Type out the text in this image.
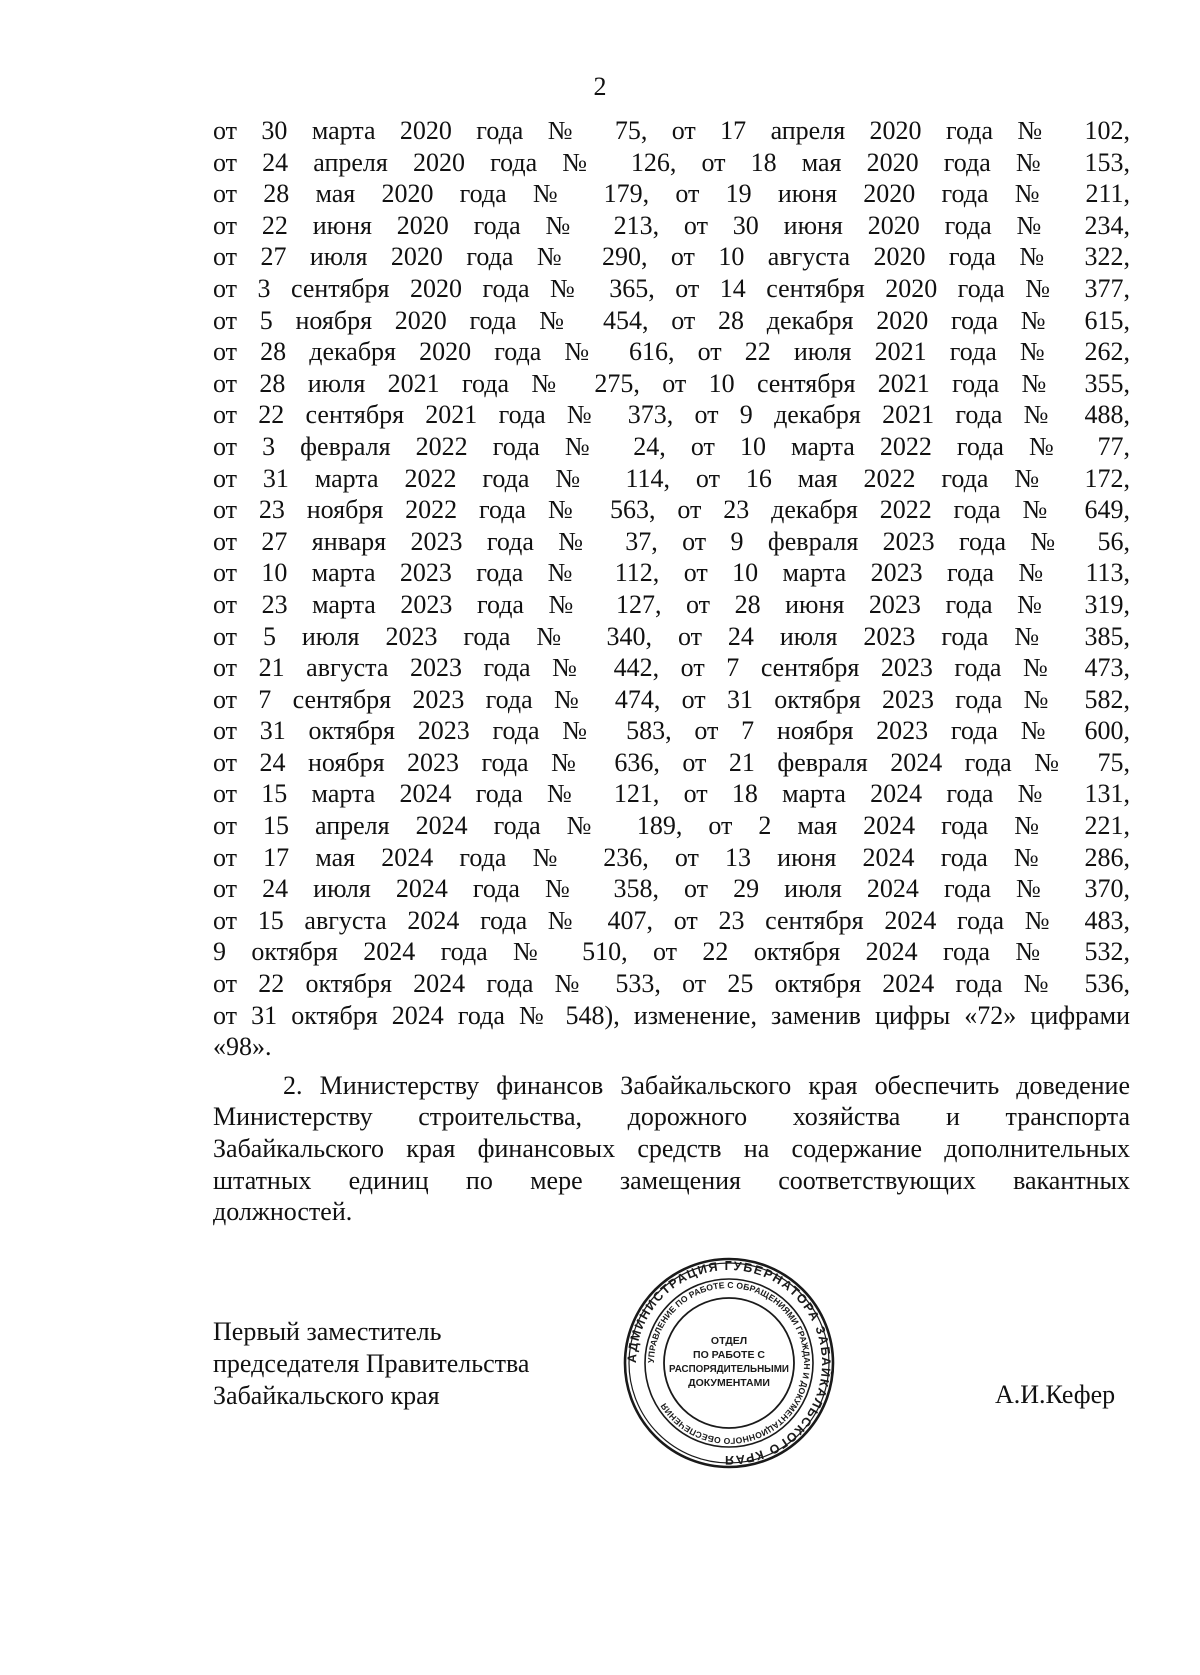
2
от 30 марта 2020 года № 75, от 17 апреля 2020 года № 102,
от 24 апреля 2020 года № 126, от 18 мая 2020 года № 153,
от 28 мая 2020 года № 179, от 19 июня 2020 года № 211,
от 22 июня 2020 года № 213, от 30 июня 2020 года № 234,
от 27 июля 2020 года № 290, от 10 августа 2020 года № 322,
от 3 сентября 2020 года № 365, от 14 сентября 2020 года № 377,
от 5 ноября 2020 года № 454, от 28 декабря 2020 года № 615,
от 28 декабря 2020 года № 616, от 22 июля 2021 года № 262,
от 28 июля 2021 года № 275, от 10 сентября 2021 года № 355,
от 22 сентября 2021 года № 373, от 9 декабря 2021 года № 488,
от 3 февраля 2022 года № 24, от 10 марта 2022 года № 77,
от 31 марта 2022 года № 114, от 16 мая 2022 года № 172,
от 23 ноября 2022 года № 563, от 23 декабря 2022 года № 649,
от 27 января 2023 года № 37, от 9 февраля 2023 года № 56,
от 10 марта 2023 года № 112, от 10 марта 2023 года № 113,
от 23 марта 2023 года № 127, от 28 июня 2023 года № 319,
от 5 июля 2023 года № 340, от 24 июля 2023 года № 385,
от 21 августа 2023 года № 442, от 7 сентября 2023 года № 473,
от 7 сентября 2023 года № 474, от 31 октября 2023 года № 582,
от 31 октября 2023 года № 583, от 7 ноября 2023 года № 600,
от 24 ноября 2023 года № 636, от 21 февраля 2024 года № 75,
от 15 марта 2024 года № 121, от 18 марта 2024 года № 131,
от 15 апреля 2024 года № 189, от 2 мая 2024 года № 221,
от 17 мая 2024 года № 236, от 13 июня 2024 года № 286,
от 24 июля 2024 года № 358, от 29 июля 2024 года № 370,
от 15 августа 2024 года № 407, от 23 сентября 2024 года № 483,
9 октября 2024 года № 510, от 22 октября 2024 года № 532,
от 22 октября 2024 года № 533, от 25 октября 2024 года № 536,
от 31 октября 2024 года № 548), изменение, заменив цифры «72» цифрами
«98».
2. Министерству финансов Забайкальского края обеспечить доведение
Министерству строительства, дорожного хозяйства и транспорта
Забайкальского края финансовых средств на содержание дополнительных
штатных единиц по мере замещения соответствующих вакантных
должностей.
Первый заместитель
председателя Правительства
Забайкальского края
АДМИНИСТРАЦИЯ ГУБЕРНАТОРА ЗАБАЙКАЛЬСКОГО КРАЯ
УПРАВЛЕНИЕ ПО РАБОТЕ С ОБРАЩЕНИЯМИ ГРАЖДАН И ДОКУМЕНТАЦИОННОГО ОБЕСПЕЧЕНИЯ
ОТДЕЛ
ПО РАБОТЕ С
РАСПОРЯДИТЕЛЬНЫМИ
ДОКУМЕНТАМИ	А.И.Кефер
